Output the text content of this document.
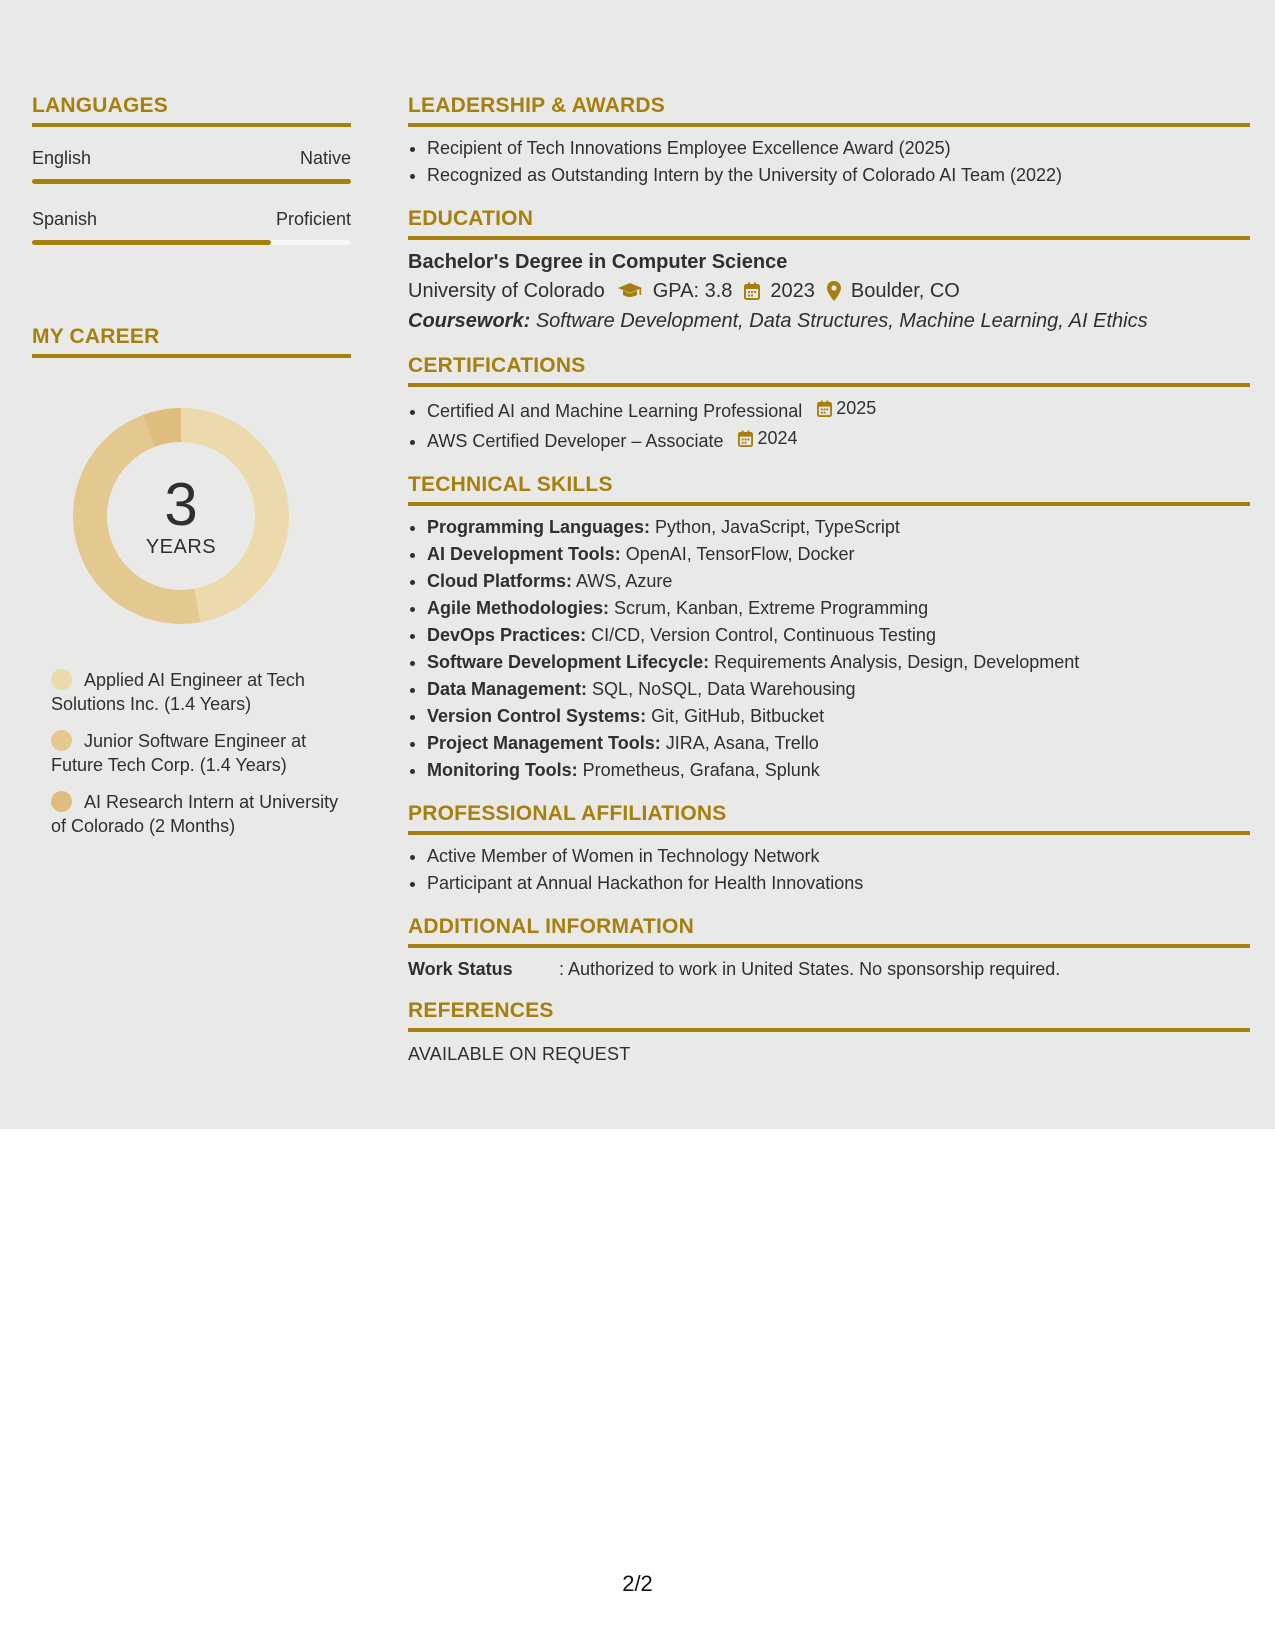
LANGUAGES
English	Native
Spanish	Proficient
MY CAREER
3
YEARS
Applied AI Engineer at Tech Solutions Inc. (1.4 Years)
Junior Software Engineer at Future Tech Corp. (1.4 Years)
AI Research Intern at University of Colorado (2 Months)
LEADERSHIP & AWARDS
• Recipient of Tech Innovations Employee Excellence Award (2025)
• Recognized as Outstanding Intern by the University of Colorado AI Team (2022)
EDUCATION
Bachelor's Degree in Computer Science
University of Colorado GPA: 3.8 2023 Boulder, CO
Coursework: Software Development, Data Structures, Machine Learning, AI Ethics
CERTIFICATIONS
• Certified AI and Machine Learning Professional 2025
• AWS Certified Developer – Associate 2024
TECHNICAL SKILLS
• Programming Languages: Python, JavaScript, TypeScript
• AI Development Tools: OpenAI, TensorFlow, Docker
• Cloud Platforms: AWS, Azure
• Agile Methodologies: Scrum, Kanban, Extreme Programming
• DevOps Practices: CI/CD, Version Control, Continuous Testing
• Software Development Lifecycle: Requirements Analysis, Design, Development
• Data Management: SQL, NoSQL, Data Warehousing
• Version Control Systems: Git, GitHub, Bitbucket
• Project Management Tools: JIRA, Asana, Trello
• Monitoring Tools: Prometheus, Grafana, Splunk
PROFESSIONAL AFFILIATIONS
• Active Member of Women in Technology Network
• Participant at Annual Hackathon for Health Innovations
ADDITIONAL INFORMATION
Work Status	: Authorized to work in United States. No sponsorship required.
REFERENCES
AVAILABLE ON REQUEST
2/2
